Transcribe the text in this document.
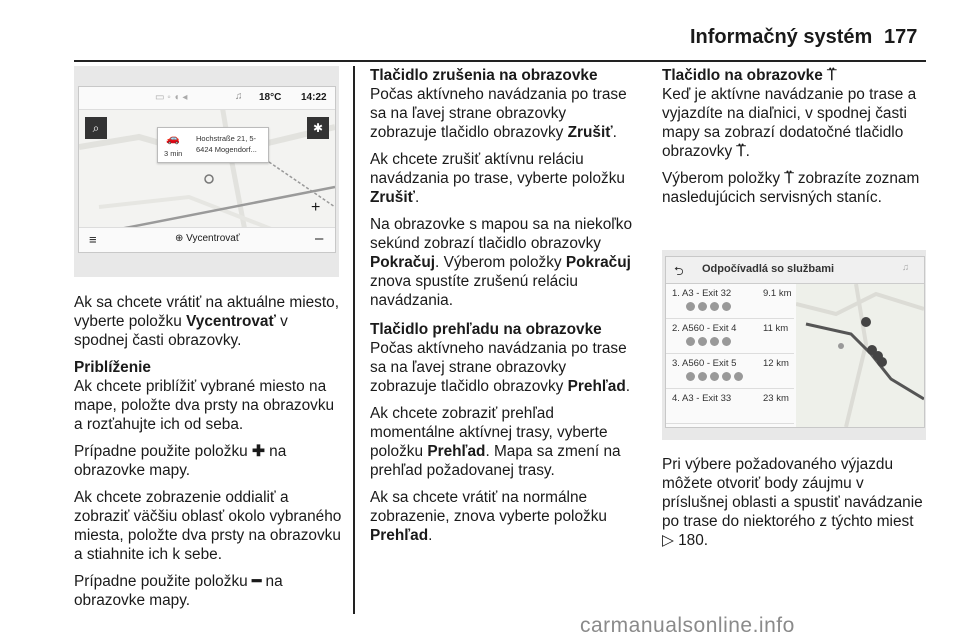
Informačný systém 177
▭ ◦ ◖ ◂	♫ 18°C 14:22
⌕	✱
🚗
3 min
Hochstraße 21, 5-
6424 Mogendorf...
+
≡	⊕ Vycentrovať	–

Ak sa chcete vrátiť na aktuálne miesto, vyberte položku Vycentrovať v spodnej časti obrazovky.

Priblíženie

Ak chcete priblížiť vybrané miesto na mape, položte dva prsty na obrazovku a rozťahujte ich od seba.

Prípadne použite položku ✚ na obrazovke mapy.

Ak chcete zobrazenie oddialiť a zobraziť väčšiu oblasť okolo vybraného miesta, položte dva prsty na obrazovku a stiahnite ich k sebe.

Prípadne použite položku ━ na obrazovke mapy.

Tlačidlo zrušenia na obrazovke

Počas aktívneho navádzania po trase sa na ľavej strane obrazovky zobrazuje tlačidlo obrazovky Zrušiť.

Ak chcete zrušiť aktívnu reláciu navádzania po trase, vyberte položku Zrušiť.

Na obrazovke s mapou sa na niekoľko sekúnd zobrazí tlačidlo obrazovky Pokračuj. Výberom položky Pokračuj znova spustíte zrušenú reláciu navádzania.

Tlačidlo prehľadu na obrazovke

Počas aktívneho navádzania po trase sa na ľavej strane obrazovky zobrazuje tlačidlo obrazovky Prehľad.

Ak chcete zobraziť prehľad momentálne aktívnej trasy, vyberte položku Prehľad. Mapa sa zmení na prehľad požadovanej trasy.

Ak sa chcete vrátiť na normálne zobrazenie, znova vyberte položku Prehľad.

Tlačidlo na obrazovke ⍡

Keď je aktívne navádzanie po trase a vyjazdíte na diaľnici, v spodnej časti mapy sa zobrazí dodatočné tlačidlo obrazovky ⍡.

Výberom položky ⍡ zobrazíte zoznam nasledujúcich servisných staníc.

⮌ Odpočívadlá so službami	♫
1. A3 - Exit 32	9.1 km
2. A560 - Exit 4	11 km
3. A560 - Exit 5	12 km
4. A3 - Exit 33	23 km

Pri výbere požadovaného výjazdu môžete otvoriť body záujmu v príslušnej oblasti a spustiť navádzanie po trase do niektorého z týchto miest ▷ 180.

carmanualsonline.info
